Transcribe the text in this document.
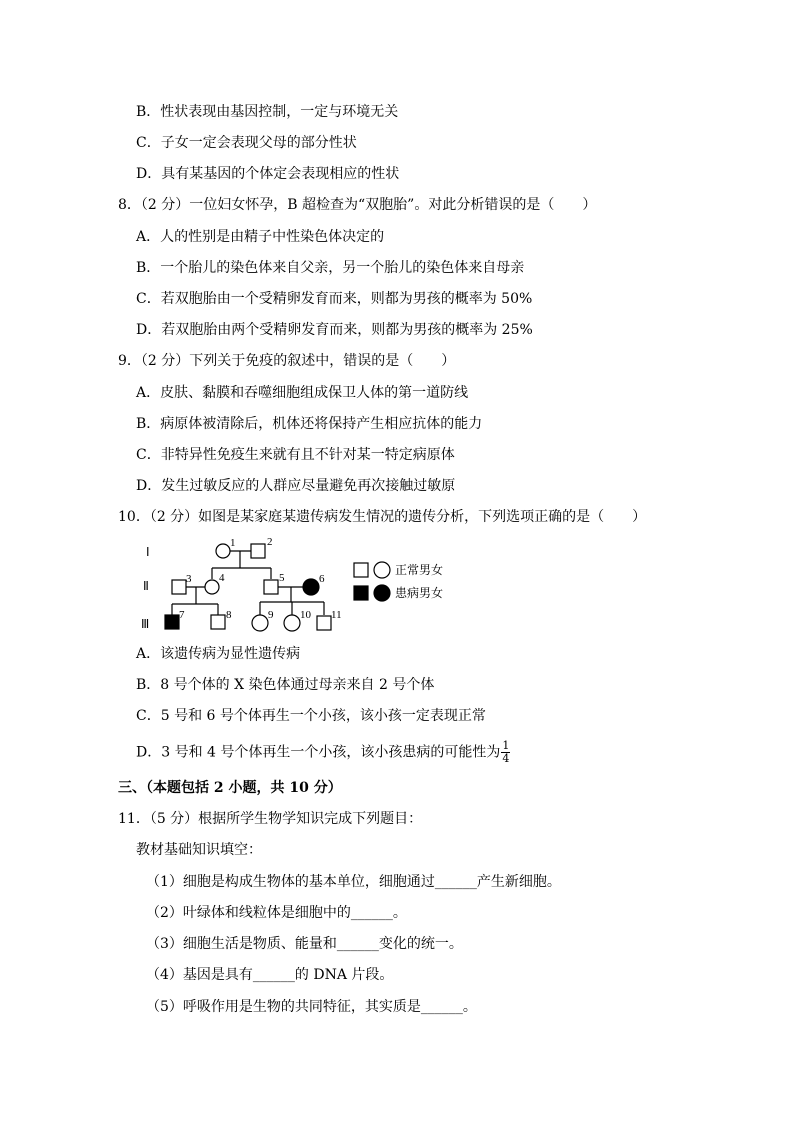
B．性状表现由基因控制，一定与环境无关
C．子女一定会表现父母的部分性状
D．具有某基因的个体定会表现相应的性状
8．（2 分）一位妇女怀孕，B 超检查为“双胞胎”。对此分析错误的是（　　）
A．人的性别是由精子中性染色体决定的
B．一个胎儿的染色体来自父亲，另一个胎儿的染色体来自母亲
C．若双胞胎由一个受精卵发育而来，则都为男孩的概率为 50%
D．若双胞胎由两个受精卵发育而来，则都为男孩的概率为 25%
9．（2 分）下列关于免疫的叙述中，错误的是（　　）
A．皮肤、黏膜和吞噬细胞组成保卫人体的第一道防线
B．病原体被清除后，机体还将保持产生相应抗体的能力
C．非特异性免疫生来就有且不针对某一特定病原体
D．发生过敏反应的人群应尽量避免再次接触过敏原
10．（2 分）如图是某家庭某遗传病发生情况的遗传分析，下列选项正确的是（　　）
Ⅰ
Ⅱ
Ⅲ
1	2
3	4	5	6
7	8	9 10 11
正常男女
患病男女
A．该遗传病为显性遗传病
B．8 号个体的 X 染色体通过母亲来自 2 号个体
C．5 号和 6 号个体再生一个小孩，该小孩一定表现正常
D．3 号和 4 号个体再生一个小孩，该小孩患病的可能性为 $\frac{1}{4}$
三、（本题包括 2 小题，共 10 分）
11．（5 分）根据所学生物学知识完成下列题目：
教材基础知识填空：
（1）细胞是构成生物体的基本单位，细胞通过______产生新细胞。
（2）叶绿体和线粒体是细胞中的______。
（3）细胞生活是物质、能量和______变化的统一。
（4）基因是具有______的 DNA 片段。
（5）呼吸作用是生物的共同特征，其实质是______。
